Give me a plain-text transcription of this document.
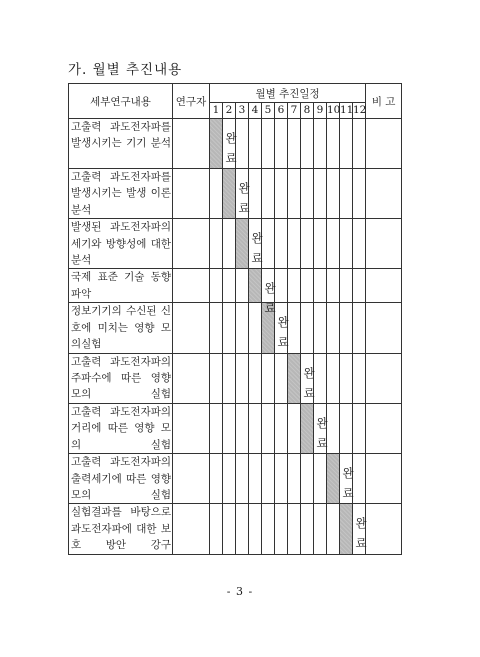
가. 월별 추진내용
세부연구내용	연구자	월별 추진일정												비 고
		1	2	3	4	5	6	7	8	9	10	11	12	
고출력 과도전자파를 발생시키는 기기 분석		완
료												

고출력 과도전자파를 발생시키는 발생 이론 분석			완
료											

발생된 과도전자파의 세기와 방향성에 대한 분석				완
료										

국제 표준 기술 동향 파악					완
료									

정보기기의 수신된 신호에 미치는 영향 모의실험						완
료								

고출력 과도전자파의 주파수에 따른 영향 모의 실험								완
료						

고출력 과도전자파의 거리에 따른 영향 모의 실험									완
료					

고출력 과도전자파의 출력세기에 따른 영향 모의 실험											완
료			

실험결과를 바탕으로 과도전자파에 대한 보호 방안 강구												완
료		

- 3 -
